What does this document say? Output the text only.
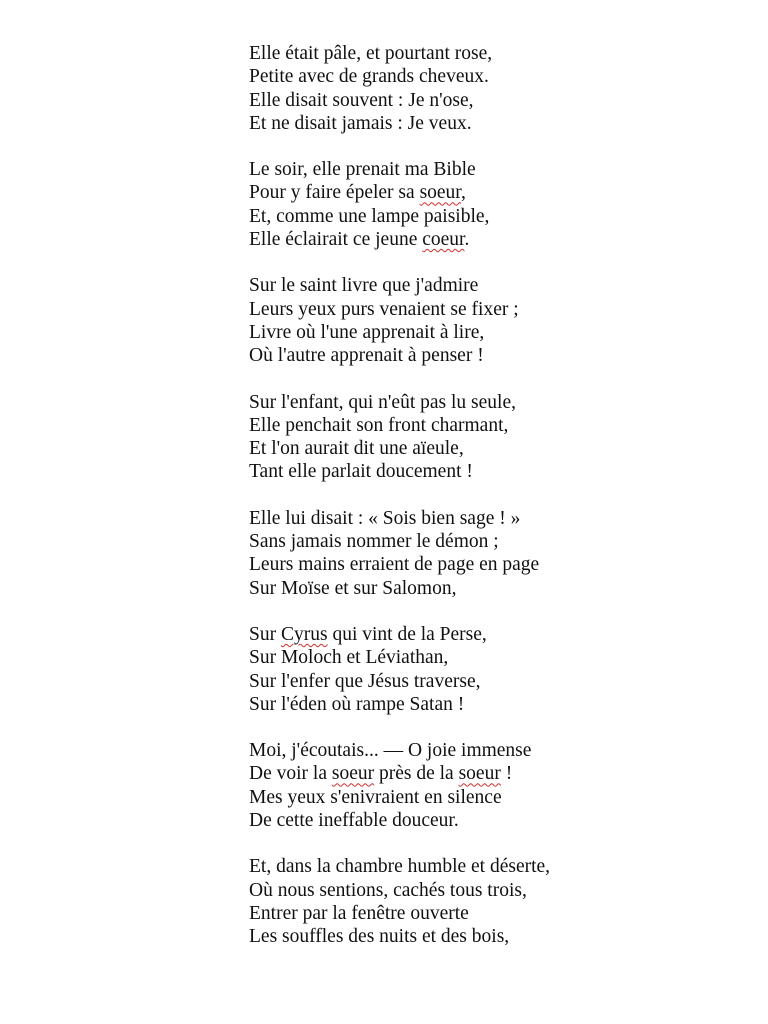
Elle était pâle, et pourtant rose,
Petite avec de grands cheveux.
Elle disait souvent : Je n'ose,
Et ne disait jamais : Je veux.
Le soir, elle prenait ma Bible
Pour y faire épeler sa soeur,
Et, comme une lampe paisible,
Elle éclairait ce jeune coeur.
Sur le saint livre que j'admire
Leurs yeux purs venaient se fixer ;
Livre où l'une apprenait à lire,
Où l'autre apprenait à penser !
Sur l'enfant, qui n'eût pas lu seule,
Elle penchait son front charmant,
Et l'on aurait dit une aïeule,
Tant elle parlait doucement !
Elle lui disait : « Sois bien sage ! »
Sans jamais nommer le démon ;
Leurs mains erraient de page en page
Sur Moïse et sur Salomon,
Sur Cyrus qui vint de la Perse,
Sur Moloch et Léviathan,
Sur l'enfer que Jésus traverse,
Sur l'éden où rampe Satan !
Moi, j'écoutais... — O joie immense
De voir la soeur près de la soeur !
Mes yeux s'enivraient en silence
De cette ineffable douceur.
Et, dans la chambre humble et déserte,
Où nous sentions, cachés tous trois,
Entrer par la fenêtre ouverte
Les souffles des nuits et des bois,
